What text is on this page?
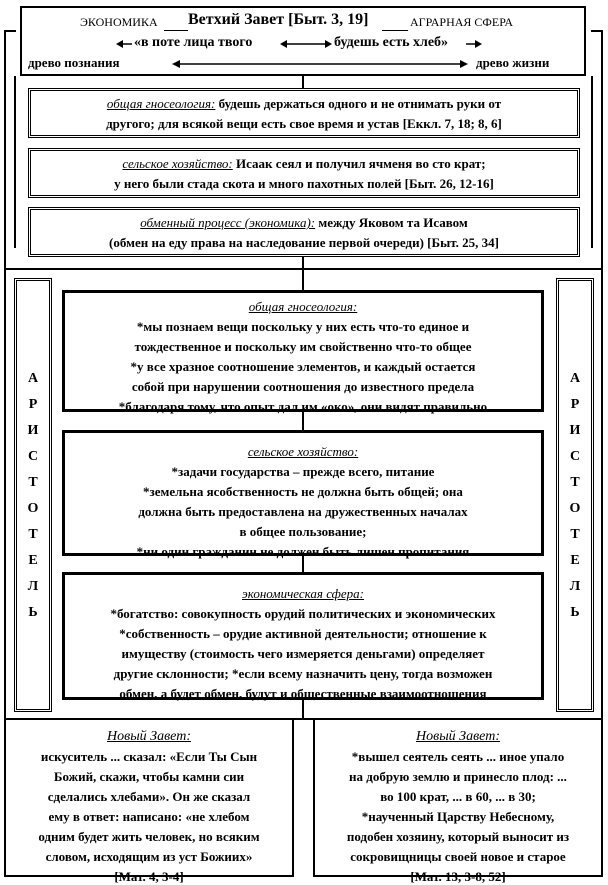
ЭКОНОМИКА Ветхий Завет [Быт. 3, 19]	АГРАРНАЯ СФЕРА
«в поте лица твого	будешь есть хлеб»
древо познания	древо жизни

общая гносеология: будешь держаться одного и не отнимать руки от

другого; для всякой вещи есть свое время и устав [Еккл. 7, 18; 8, 6]

сельское хозяйство: Исаак сеял и получил ячменя во сто крат;

у него были стада скота и много пахотных полей [Быт. 26, 12-16]

обменный процесс (экономика): между Яковом та Исавом

(обмен на еду права на наследование первой очереди) [Быт. 25, 34]

А
Р
И
С
Т
О
Т
Е
Л
Ь
А
Р
И
С
Т
О
Т
Е
Л
Ь

общая гносеология:

*мы познаем вещи поскольку у них есть что-то единое и

тождественное и поскольку им свойственно что-то общее

*у все хразное соотношение элементов, и каждый остается

собой при нарушении соотношения до известного предела

*благодаря тому, что опыт дал им «око», они видят правильно

сельское хозяйство:

*задачи государства – прежде всего, питание

*земельна ясобственность не должна быть общей; она

должна быть предоставлена на дружественных началах

в общее пользование;

*ни один гражданин не должен быть лишен пропитания

экономическая сфера:

*богатство: совокупность орудий политических и экономических

*собственность – орудие активной деятельности; отношение к

имуществу (стоимость чего измеряется деньгами) определяет

другие склонности; *если всему назначить цену, тогда возможен

обмен, а будет обмен, будут и общественные взаимоотношения

Новый Завет:

искуситель ... сказал: «Если Ты Сын

Божий, скажи, чтобы камни сии

сделались хлебами». Он же сказал

ему в ответ: написано: «не хлебом

одним будет жить человек, но всяким

словом, исходящим из уст Божиих»

[Мат. 4, 3-4]

Новый Завет:

*вышел сеятель сеять ... иное упало

на добрую землю и принесло плод: ...

во 100 крат, ... в 60, ... в 30;

*наученный Царству Небесному,

подобен хозяину, который выносит из

сокровищницы своей новое и старое

[Мат. 13, 3-8, 52]
